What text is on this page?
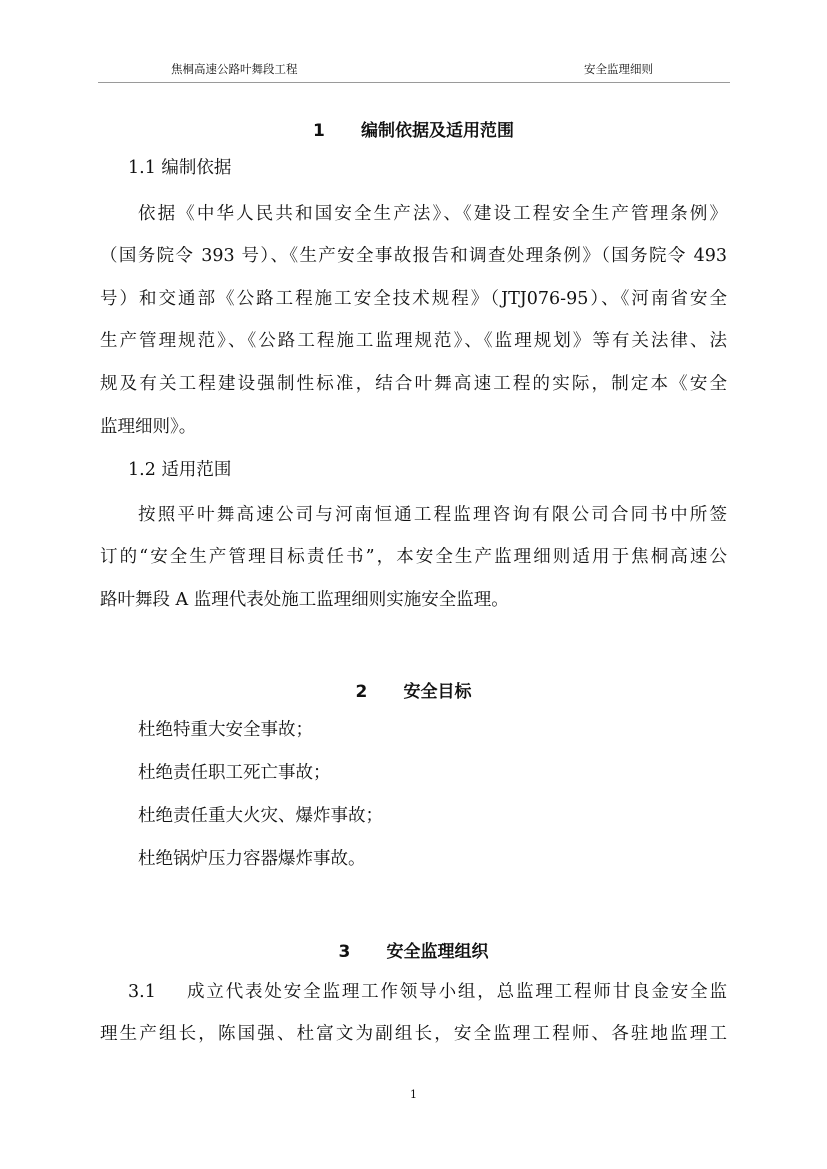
焦桐高速公路叶舞段工程	安全监理细则
1 编制依据及适用范围
1.1 编制依据
依据《中华人民共和国安全生产法》、《建设工程安全生产管理条例》
（国务院令 393 号）、《生产安全事故报告和调查处理条例》（国务院令 493
号）和交通部《公路工程施工安全技术规程》（JTJ076-95）、《河南省安全
生产管理规范》、《公路工程施工监理规范》、《监理规划》等有关法律、法
规及有关工程建设强制性标准，结合叶舞高速工程的实际，制定本《安全
监理细则》。
1.2 适用范围
按照平叶舞高速公司与河南恒通工程监理咨询有限公司合同书中所签
订的“安全生产管理目标责任书”，本安全生产监理细则适用于焦桐高速公
路叶舞段 A 监理代表处施工监理细则实施安全监理。
2 安全目标
杜绝特重大安全事故；
杜绝责任职工死亡事故；
杜绝责任重大火灾、爆炸事故；
杜绝锅炉压力容器爆炸事故。
3 安全监理组织
3.1 成立代表处安全监理工作领导小组，总监理工程师甘良金安全监
理生产组长，陈国强、杜富文为副组长，安全监理工程师、各驻地监理工
1
